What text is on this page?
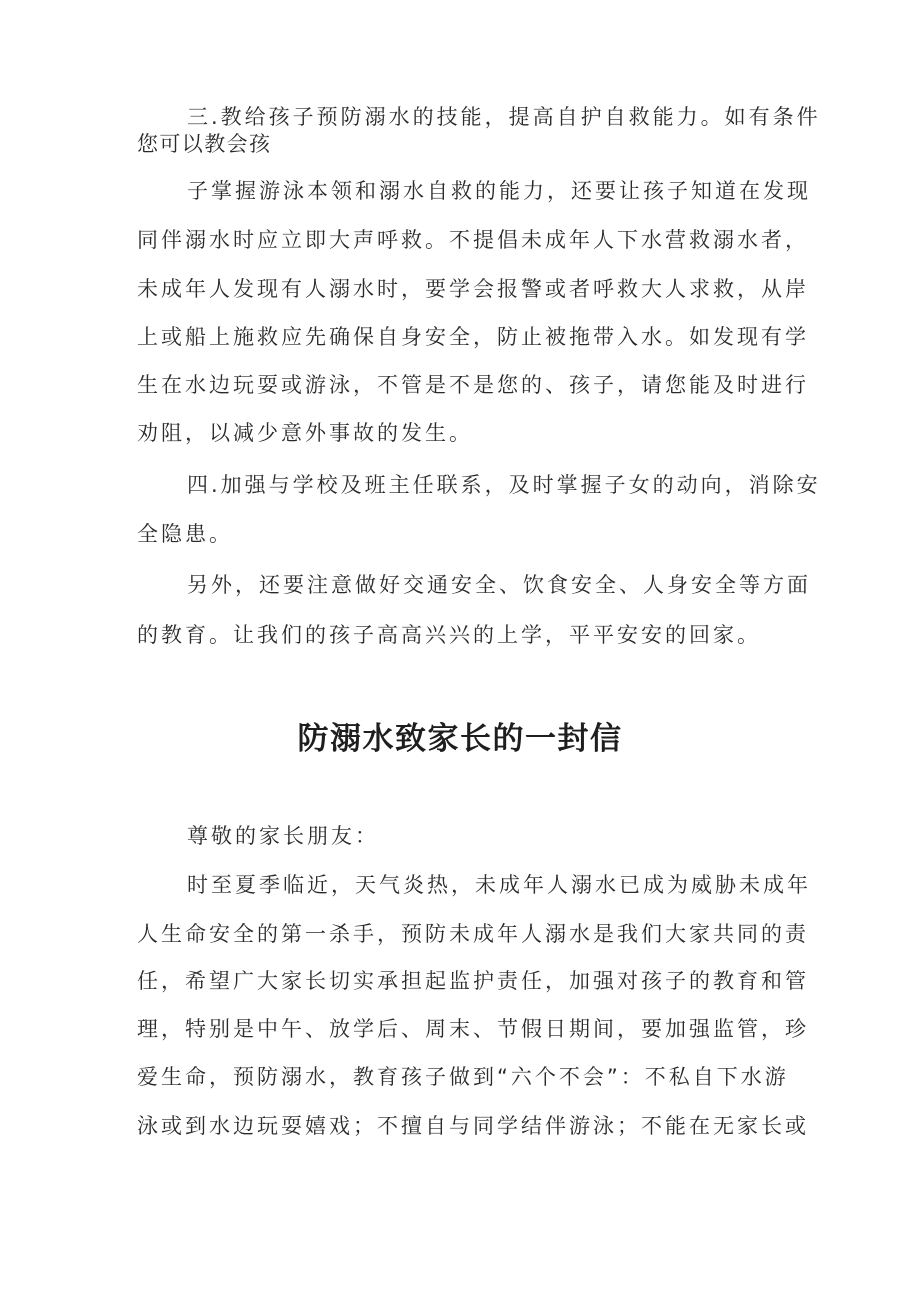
三.教给孩子预防溺水的技能，提高自护自救能力。如有条件

您可以教会孩

子掌握游泳本领和溺水自救的能力，还要让孩子知道在发现

同伴溺水时应立即大声呼救。不提倡未成年人下水营救溺水者，

未成年人发现有人溺水时，要学会报警或者呼救大人求救，从岸

上或船上施救应先确保自身安全，防止被拖带入水。如发现有学

生在水边玩耍或游泳，不管是不是您的、孩子，请您能及时进行

劝阻，以减少意外事故的发生。

四.加强与学校及班主任联系，及时掌握子女的动向，消除安

全隐患。

另外，还要注意做好交通安全、饮食安全、人身安全等方面

的教育。让我们的孩子高高兴兴的上学，平平安安的回家。

防溺水致家长的一封信

尊敬的家长朋友：

时至夏季临近，天气炎热，未成年人溺水已成为威胁未成年

人生命安全的第一杀手，预防未成年人溺水是我们大家共同的责

任，希望广大家长切实承担起监护责任，加强对孩子的教育和管

理，特别是中午、放学后、周末、节假日期间，要加强监管，珍

爱生命，预防溺水，教育孩子做到“六个不会”：不私自下水游

泳或到水边玩耍嬉戏；不擅自与同学结伴游泳；不能在无家长或
